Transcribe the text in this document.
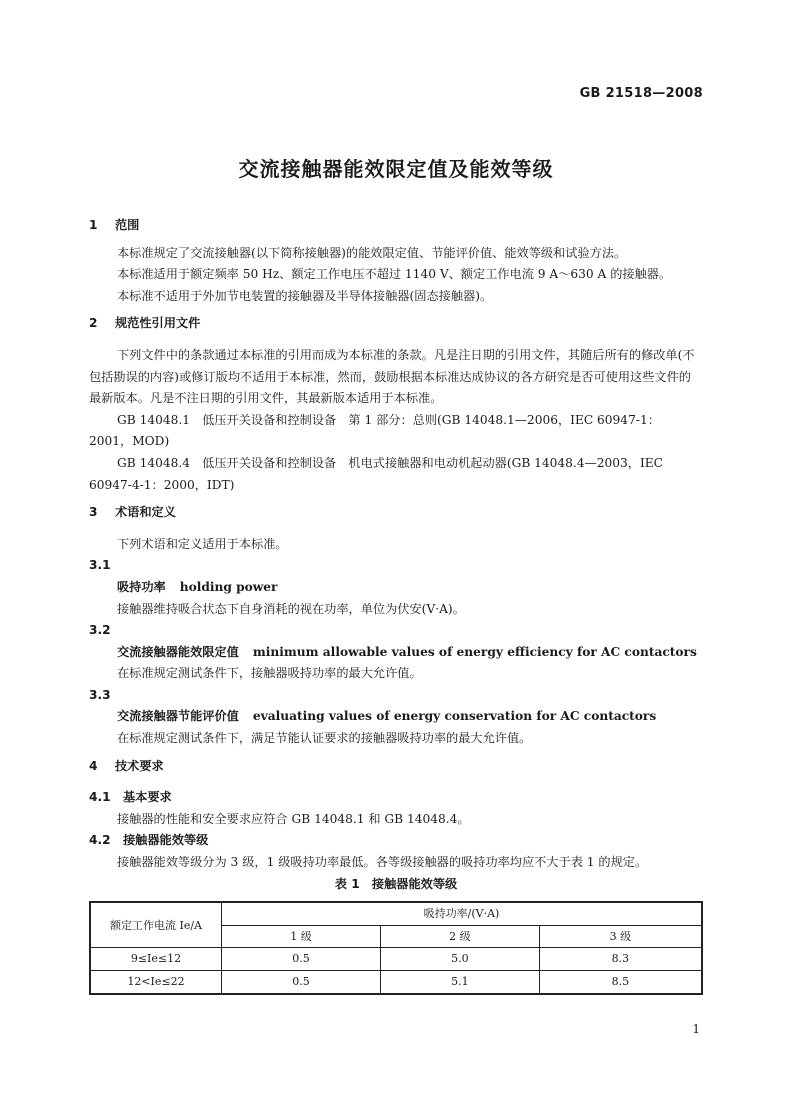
GB 21518—2008
交流接触器能效限定值及能效等级
1 范围

本标准规定了交流接触器(以下简称接触器)的能效限定值、节能评价值、能效等级和试验方法。

本标准适用于额定频率 50 Hz、额定工作电压不超过 1140 V、额定工作电流 9 A～630 A 的接触器。

本标准不适用于外加节电装置的接触器及半导体接触器(固态接触器)。

2 规范性引用文件

下列文件中的条款通过本标准的引用而成为本标准的条款。凡是注日期的引用文件，其随后所有的修改单(不包括勘误的内容)或修订版均不适用于本标准，然而，鼓励根据本标准达成协议的各方研究是否可使用这些文件的最新版本。凡是不注日期的引用文件，其最新版本适用于本标准。

GB 14048.1　低压开关设备和控制设备　第 1 部分：总则(GB 14048.1—2006，IEC 60947-1：2001，MOD)

GB 14048.4　低压开关设备和控制设备　机电式接触器和电动机起动器(GB 14048.4—2003，IEC 60947-4-1：2000，IDT)

3 术语和定义

下列术语和定义适用于本标准。

3.1
吸持功率 holding power

接触器维持吸合状态下自身消耗的视在功率，单位为伏安(V·A)。

3.2
交流接触器能效限定值 minimum allowable values of energy efficiency for AC contactors

在标准规定测试条件下，接触器吸持功率的最大允许值。

3.3
交流接触器节能评价值 evaluating values of energy conservation for AC contactors

在标准规定测试条件下，满足节能认证要求的接触器吸持功率的最大允许值。

4 技术要求
4.1 基本要求

接触器的性能和安全要求应符合 GB 14048.1 和 GB 14048.4。

4.2 接触器能效等级

接触器能效等级分为 3 级，1 级吸持功率最低。各等级接触器的吸持功率均应不大于表 1 的规定。

表 1　接触器能效等级
额定工作电流 Ie/A	吸持功率/(V·A)		
	1 级	2 级	3 级
9≤Ie≤12	0.5	5.0	8.3
12<Ie≤22	0.5	5.1	8.5
1
